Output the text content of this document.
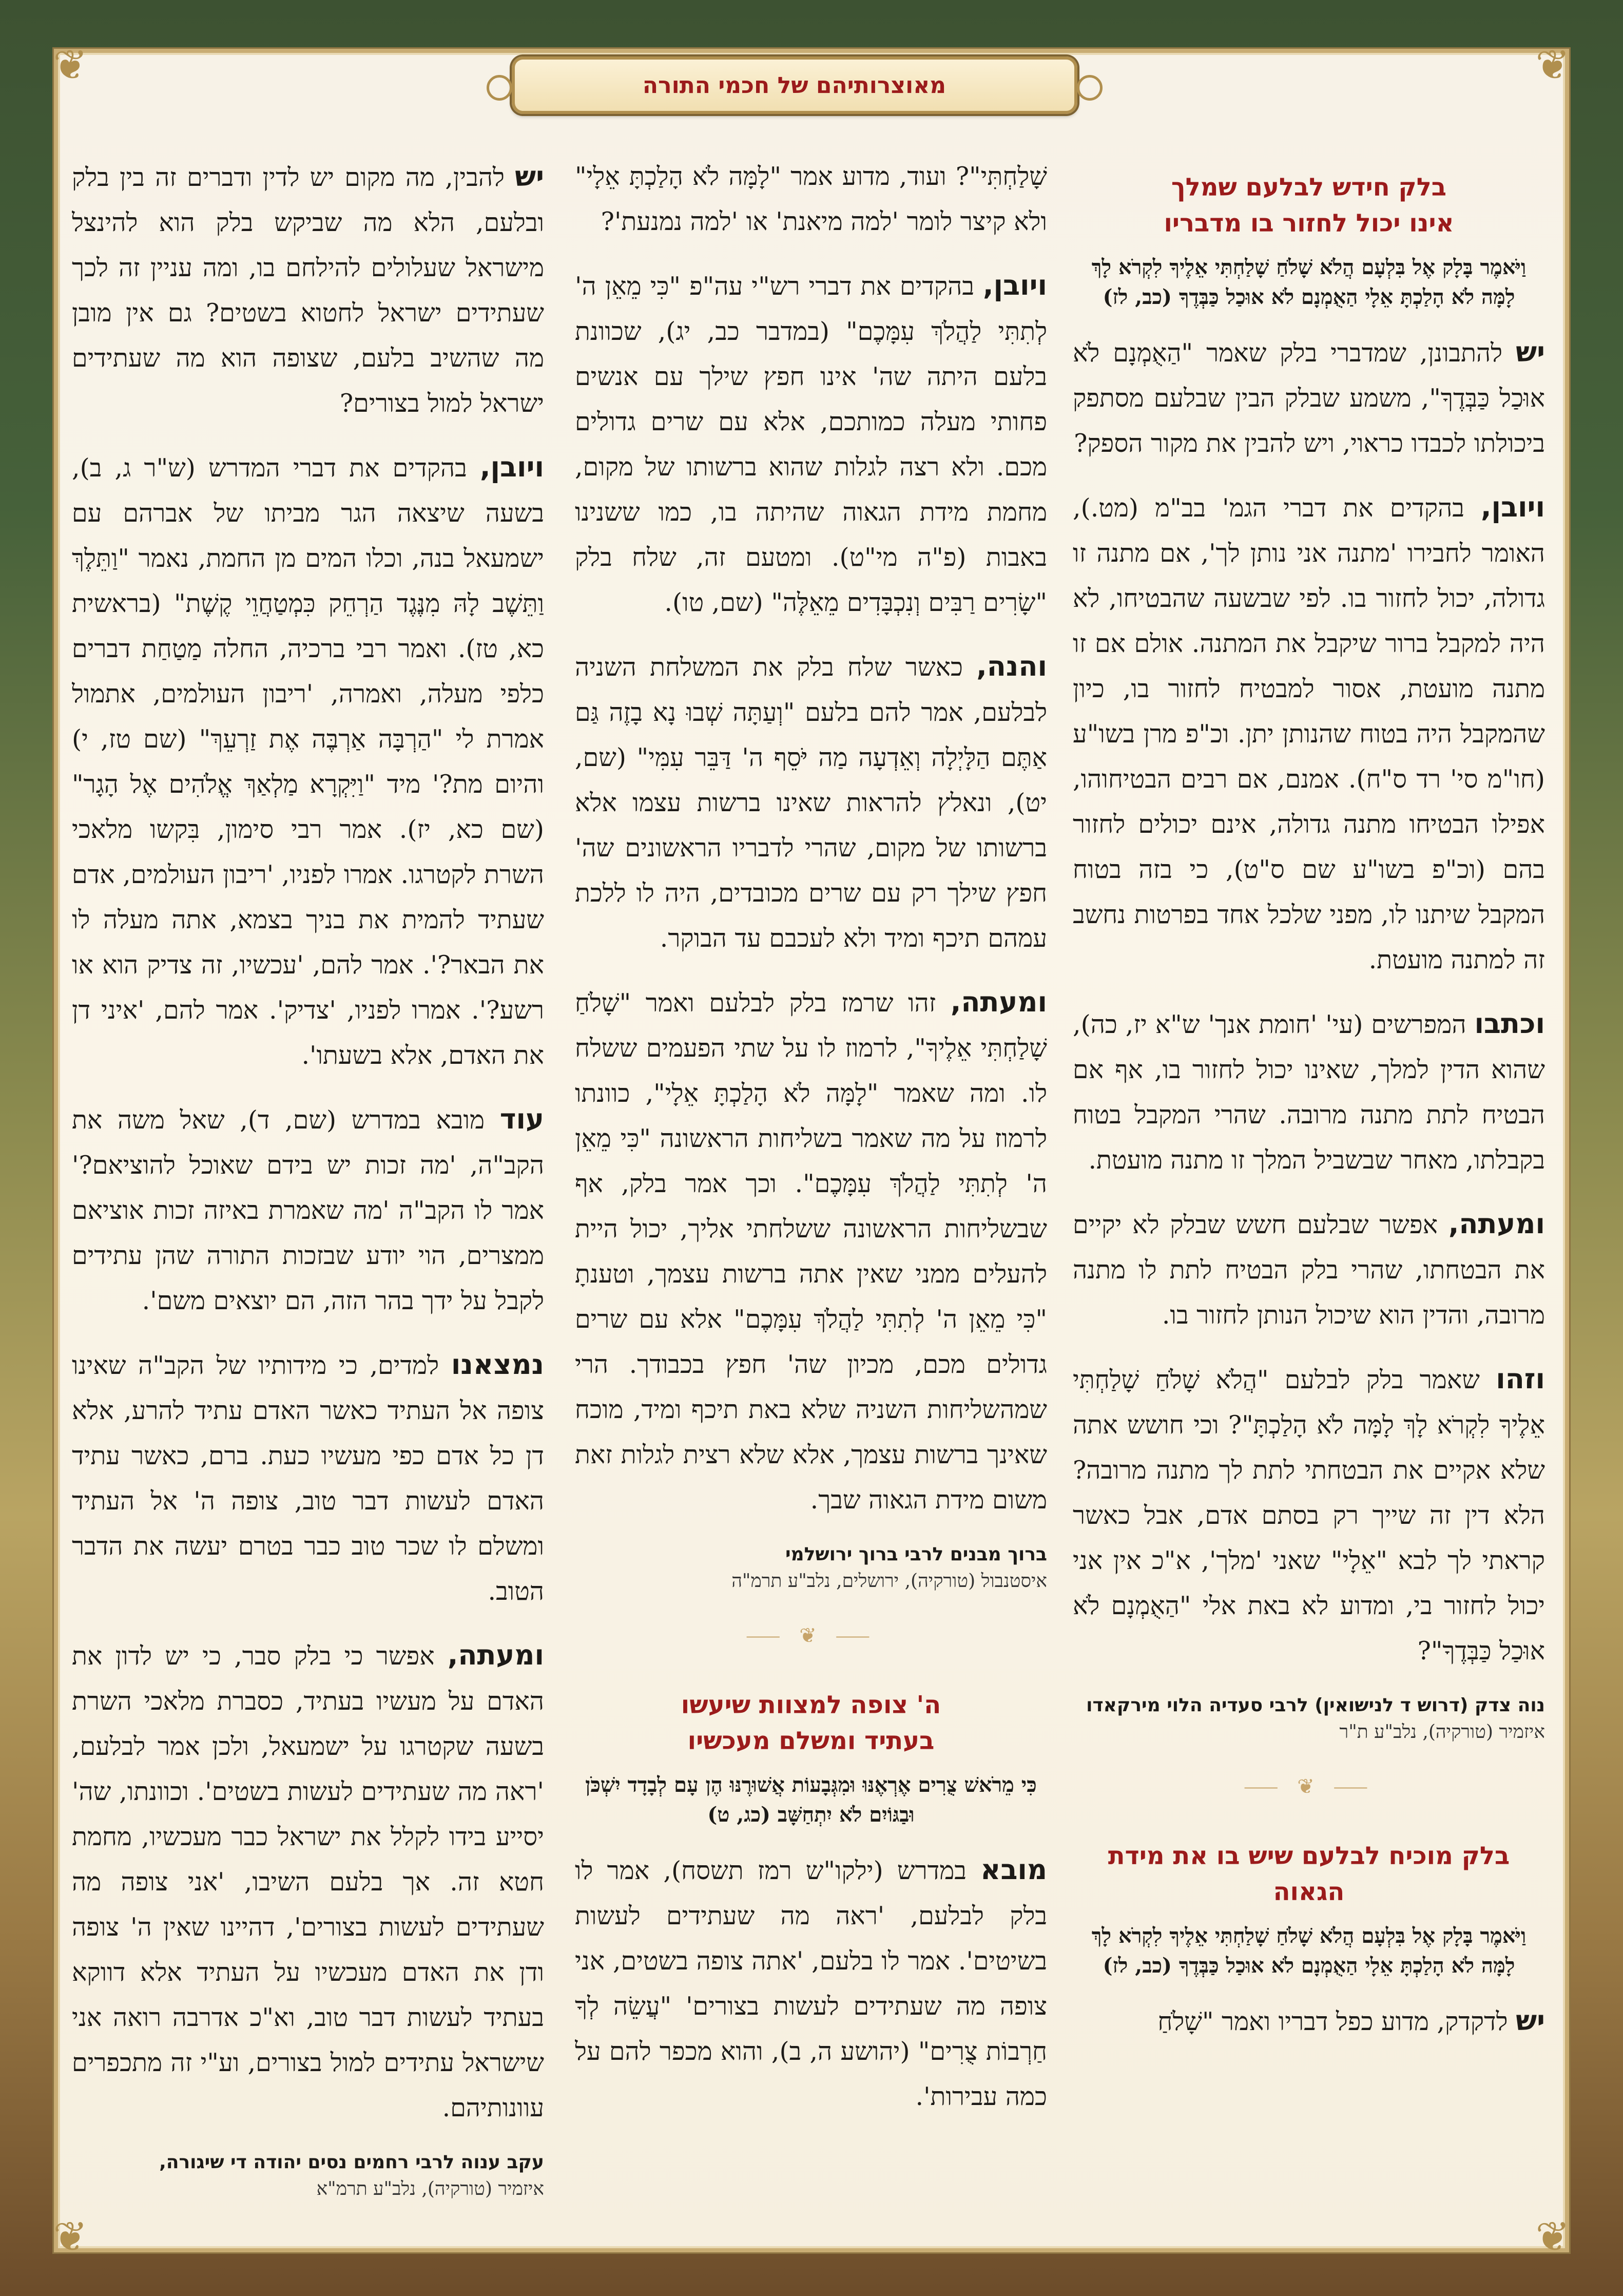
❦	❦
❦	❦
מאוצרותיהם של חכמי התורה
בלק חידש לבלעם שמלך
אינו יכול לחזור בו מדבריו
וַיֹּאמֶר בָּלָק אֶל בִּלְעָם הֲלֹא שָׁלֹחַ שָׁלַחְתִּי אֵלֶיךָ לִקְרֹא לָךְ לָמָּה לֹא הָלַכְתָּ אֵלָי הַאֻמְנָם לֹא אוּכַל כַּבְּדֶךָ (כב, לז)

יש להתבונן, שמדברי בלק שאמר "הַאֻמְנָם לֹא אוּכַל כַּבְּדֶךָ", משמע שבלק הבין שבלעם מסתפק ביכולתו לכבדו כראוי, ויש להבין את מקור הספק?

ויובן, בהקדים את דברי הגמ' בב"מ (מט.), האומר לחבירו 'מתנה אני נותן לך', אם מתנה זו גדולה, יכול לחזור בו. לפי שבשעה שהבטיחו, לא היה למקבל ברור שיקבל את המתנה. אולם אם זו מתנה מועטת, אסור למבטיח לחזור בו, כיון שהמקבל היה בטוח שהנותן יתן. וכ"פ מרן בשו"ע (חו"מ סי' רד ס"ח). אמנם, אם רבים הבטיחוהו, אפילו הבטיחו מתנה גדולה, אינם יכולים לחזור בהם (וכ"פ בשו"ע שם ס"ט), כי בזה בטוח המקבל שיתנו לו, מפני שלכל אחד בפרטות נחשב זה למתנה מועטת.

וכתבו המפרשים (עי' 'חומת אנך' ש"א יז, כה), שהוא הדין למלך, שאינו יכול לחזור בו, אף אם הבטיח לתת מתנה מרובה. שהרי המקבל בטוח בקבלתו, מאחר שבשביל המלך זו מתנה מועטת.

ומעתה, אפשר שבלעם חשש שבלק לא יקיים את הבטחתו, שהרי בלק הבטיח לתת לו מתנה מרובה, והדין הוא שיכול הנותן לחזור בו.

וזהו שאמר בלק לבלעם "הֲלֹא שָׁלֹחַ שָׁלַחְתִּי אֵלֶיךָ לִקְרֹא לָךְ לָמָּה לֹא הָלַכְתָּ"? וכי חושש אתה שלא אקיים את הבטחתי לתת לך מתנה מרובה? הלא דין זה שייך רק בסתם אדם, אבל כאשר קראתי לך לבא "אֵלָי" שאני 'מלך', א"כ אין אני יכול לחזור בי, ומדוע לא באת אלי "הַאֻמְנָם לֹא אוּכַל כַּבְּדֶךָ"?

נוה צדק (דרוש ד לנישואין) לרבי סעדיה הלוי מירקאדו
איזמיר (טורקיה), נלב"ע ת"ר
⸺ ❦ ⸺
בלק מוכיח לבלעם שיש בו את מידת הגאוה
וַיֹּאמֶר בָּלָק אֶל בִּלְעָם הֲלֹא שָׁלֹחַ שָׁלַחְתִּי אֵלֶיךָ לִקְרֹא לָךְ לָמָּה לֹא הָלַכְתָּ אֵלָי הַאֻמְנָם לֹא אוּכַל כַּבְּדֶךָ (כב, לז)

יש לדקדק, מדוע כפל דבריו ואמר "שָׁלֹחַ

שָׁלַחְתִּי"? ועוד, מדוע אמר "לָמָּה לֹא הָלַכְתָּ אֵלָי" ולא קיצר לומר 'למה מיאנת' או 'למה נמנעת'?

ויובן, בהקדים את דברי רש"י עה"פ "כִּי מֵאֵן ה' לְתִתִּי לַהֲלֹךְ עִמָּכֶם" (במדבר כב, יג), שכוונת בלעם היתה שה' אינו חפץ שילך עם אנשים פחותי מעלה כמותכם, אלא עם שרים גדולים מכם. ולא רצה לגלות שהוא ברשותו של מקום, מחמת מידת הגאוה שהיתה בו, כמו ששנינו באבות (פ"ה מי"ט). ומטעם זה, שלח בלק "שָׂרִים רַבִּים וְנִכְבָּדִים מֵאֵלֶּה" (שם, טו).

והנה, כאשר שלח בלק את המשלחת השניה לבלעם, אמר להם בלעם "וְעַתָּה שְׁבוּ נָא בָזֶה גַּם אַתֶּם הַלָּיְלָה וְאֵדְעָה מַה יֹּסֵף ה' דַּבֵּר עִמִּי" (שם, יט), ונאלץ להראות שאינו ברשות עצמו אלא ברשותו של מקום, שהרי לדבריו הראשונים שה' חפץ שילך רק עם שרים מכובדים, היה לו ללכת עמהם תיכף ומיד ולא לעכבם עד הבוקר.

ומעתה, זהו שרמז בלק לבלעם ואמר "שָׁלֹחַ שָׁלַחְתִּי אֵלֶיךָ", לרמוז לו על שתי הפעמים ששלח לו. ומה שאמר "לָמָּה לֹא הָלַכְתָּ אֵלָי", כוונתו לרמוז על מה שאמר בשליחות הראשונה "כִּי מֵאֵן ה' לְתִתִּי לַהֲלֹךְ עִמָּכֶם". וכך אמר בלק, אף שבשליחות הראשונה ששלחתי אליך, יכול היית להעלים ממני שאין אתה ברשות עצמך, וטענתָ "כִּי מֵאֵן ה' לְתִתִּי לַהֲלֹךְ עִמָּכֶם" אלא עם שרים גדולים מכם, מכיון שה' חפץ בכבודך. הרי שמהשליחות השניה שלא באת תיכף ומיד, מוכח שאינך ברשות עצמך, אלא שלא רצית לגלות זאת משום מידת הגאוה שבך.

ברוך מבנים לרבי ברוך ירושלמי
איסטנבול (טורקיה), ירושלים, נלב"ע תרמ"ה
⸺ ❦ ⸺
ה' צופה למצוות שיעשו
בעתיד ומשלם מעכשיו
כִּי מֵרֹאשׁ צֻרִים אֶרְאֶנּוּ וּמִגְּבָעוֹת אֲשׁוּרֶנּוּ הֶן עָם לְבָדָד יִשְׁכֹּן וּבַגּוֹיִם לֹא יִתְחַשָּׁב (כג, ט)

מובא במדרש (ילקו"ש רמז תשסח), אמר לו בלק לבלעם, 'ראה מה שעתידים לעשות בשיטים'. אמר לו בלעם, 'אתה צופה בשטים, אני צופה מה שעתידים לעשות בצורים' "עֲשֵׂה לְךָ חַרְבוֹת צֻרִים" (יהושע ה, ב), והוא מכפר להם על כמה עבירות'.

יש להבין, מה מקום יש לדין ודברים זה בין בלק ובלעם, הלא מה שביקש בלק הוא להינצל מישראל שעלולים להילחם בו, ומה עניין זה לכך שעתידים ישראל לחטוא בשטים? גם אין מובן מה שהשיב בלעם, שצופה הוא מה שעתידים ישראל למול בצורים?

ויובן, בהקדים את דברי המדרש (ש"ר ג, ב), בשעה שיצאה הגר מביתו של אברהם עם ישמעאל בנה, וכלו המים מן החמת, נאמר "וַתֵּלֶךְ וַתֵּשֶׁב לָהּ מִנֶּגֶד הַרְחֵק כִּמְטַחֲוֵי קֶשֶׁת" (בראשית כא, טז). ואמר רבי ברכיה, החלה מַטַחַת דברים כלפי מעלה, ואמרה, 'ריבון העולמים, אתמול אמרת לי "הַרְבָּה אַרְבֶּה אֶת זַרְעֵךְ" (שם טז, י) והיום מת?' מיד "וַיִּקְרָא מַלְאַךְ אֱלֹהִים אֶל הָגָר" (שם כא, יז). אמר רבי סימון, בִּקשו מלאכי השרת לקטרגו. אמרו לפניו, 'ריבון העולמים, אדם שעתיד להמית את בניך בצמא, אתה מעלה לו את הבאר?'. אמר להם, 'עכשיו, זה צדיק הוא או רשע?'. אמרו לפניו, 'צדיק'. אמר להם, 'איני דן את האדם, אלא בשעתו'.

עוד מובא במדרש (שם, ד), שאל משה את הקב"ה, 'מה זכות יש בידם שאוכל להוציאם?' אמר לו הקב"ה 'מה שאמרת באיזה זכות אוציאם ממצרים, הוי יודע שבזכות התורה שהן עתידים לקבל על ידך בהר הזה, הם יוצאים משם'.

נמצאנו למדים, כי מידותיו של הקב"ה שאינו צופה אל העתיד כאשר האדם עתיד להרע, אלא דן כל אדם כפי מעשיו כעת. ברם, כאשר עתיד האדם לעשות דבר טוב, צופה ה' אל העתיד ומשלם לו שכר טוב כבר בטרם יעשה את הדבר הטוב.

ומעתה, אפשר כי בלק סבר, כי יש לדון את האדם על מעשיו בעתיד, כסברת מלאכי השרת בשעה שקטרגו על ישמעאל, ולכן אמר לבלעם, 'ראה מה שעתידים לעשות בשטים'. וכוונתו, שה' יסייע בידו לקלל את ישראל כבר מעכשיו, מחמת חטא זה. אך בלעם השיבו, 'אני צופה מה שעתידים לעשות בצורים', דהיינו שאין ה' צופה ודן את האדם מעכשיו על העתיד אלא דווקא בעתיד לעשות דבר טוב, וא"כ אדרבה רואה אני שישראל עתידים למול בצורים, וע"י זה מתכפרים עוונותיהם.

עקב ענוה לרבי רחמים נסים יהודה די שיגורה,
איזמיר (טורקיה), נלב"ע תרמ"א
